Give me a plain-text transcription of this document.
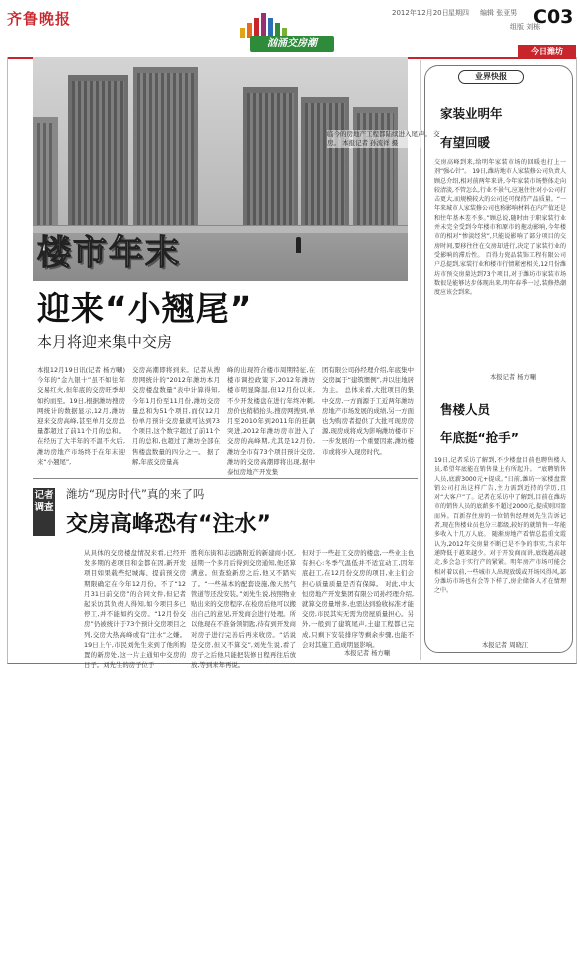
齐鲁晚报	2012年12月20日 星期四 编辑 张亚男
组版 刘栋
C03
汹涌交房潮
今日潍坊
临今的房地产工程都陆续进入尾声。 交房。 本报记者 孙流祥 摄
楼市年末
迎来“小翘尾”
本月将迎来集中交房
本报12月19日讯(记者 杨方唰)今年的“金九银十”虽不如往年交易红火,但年底的交房旺季却如约而至。19日,根据潍坊搜房网统计的数据显示,12月,潍坊迎来交房高峰,甚至单月交房总量都超过了前11个月的总和。 在经历了大半年的不温不火后,潍坊房地产市场终于在年末迎来“小翘尾”,
交房高潮即将到来。记者从搜房网统计的“2012年潍坊本月交房楼盘数量”表中计算得知,今年1月份至11月份,潍坊交房量总和为51个项目,而仅12月份单月预计交房量就可达到73个项目,这个数字超过了前11个月的总和,也超过了潍坊全部在售楼盘数量的四分之一。 据了解,年底交房量高
峰的出现符合楼市周期特征,在楼市调控政策下,2012年潍坊楼市明显降温,但12月份以来,不少开发楼盘在进行年终冲刺,房价也稍稍抬头,搜房网搜到,单月至2010年到2011年的狂飙突进,2012年潍坊房市进入了交房的高峰期,尤其是12月份,潍坊全市有73个项目预计交房,潍坊的交房高潮即将出现,据中泰恒房地产开发集
团有限公司孙经理介绍,年底集中交房属于“建筑惯例”,并以往地居为主。 总体来看,大批项目的集中交房,一方面源于工近两年潍坊房地产市场发展的成绩,另一方面也为购房者提供了大批可现房房源,现房成将成为影响潍坊楼市下一步发展的一个重要因素,潍坊楼市或将步入现房时代。
记者调查
潍坊“现房时代”真的来了吗
交房高峰恐有“注水”
从具体的交房楼盘情况来看,已经开发多期的老项目和金都在因,新开发项目如果载些纪城海、提前预交房期限确定在今年12月份。不了“12月31日前交房”的合同文件,但记者起采访其负责人得知,如今项目多已停工,并不能如约交房。“12月份交房”仍被统计于73个预计交房项目之列,交房大热高峰或有“注水”之嫌。 19日上午,市民刘先生来到了他所购置的新房处,这一片主通知中交房的日子。刘先生的房子位于
胜利东街和志远路附近的新建商小区,延期一个多月后得到交房通知,他还算满意。但查验新房之后,他又不踏实了。“一些基本的配套设施,像天然气管道等还没安装。”刘先生说,按照物业贴出来的交房程序,在检房后他可以搬出自己的意见,开发商会进行处理。所以他现在不准备领钥匙,待有到开发商对房子进行完善后再来收房。“话说是交房,但又不算交”,刘先生说,看了房子之后他只能把装修日程再往后放放,等到来年再说。
但对于一些赶工交房的楼盘,一些业主也有担心:冬季气温低并不适宜动工,因年底赶工,在12月份交房的项目,业主们会担心质量质量是否有保障。 对此,中太恒房地产开发集团有限公司孙经理介绍,就算交房量增多,也需达到验收标准才能交房,市民其实无需为房屋质量担心。另外,一般到了建筑尾声,土建工程都已完成,只剩下安装排序等剩余步骤,也能不会对其施工造成明显影响。
本报记者 杨方唰
业界快报
家装业明年
有望回暖
交房高峰到来,给明年家装市场的回暖也打上一剂“强心针”。 19日,潍坊地市人家装修公司负责人顾总介绍,相对前两年来讲,今年家装市场整体走向较清淡,不管怎么,行业不景气,应退住往对小公司打击更大,而规模较大的公司还可保持产品质量。“一年来城市人家装修公司也称影响材料在内产值还是和往年基本差不多。”顾总说,随时由于职家装行业并未完全受到今年楼市和原市的拖动影响,今年楼市的相对“惨淡经营”,只能说影响了部分项目的交房时间,要移往往在交房却进行,决定了家装行业的受影响的滞后性。 百得力瓷品装饰工程有限公司户总提到,家装行业和楼市行情紧密相关,12月份潍坊市预交房量达到73个项目,对于潍坊市家装市场数很是能够达步体现出来,明年春季一过,装修热潮度应该会到来。
本报记者 杨方唰
售楼人员
年底挺“抢手”
19日,记者采访了解到,不少楼盘目前也聘售楼人员,希望年底能在销售量上有所起升。 “底聘销售人员,底薪3000元+提成。”日前,潍坊一家楼盘置销公司打出这样广告,主力需到近持的学历,且对“大客户”了。记者在采访中了解到,目前在潍坊市的销售人员的底薪多不超过2000元,提成则因盈而异。百新存住房的一位销售经理刘先生告诉记者,现在售楼业员也分三都级,较好的就销售一年能多收入十几万人底。 随渐房地产看情总监重文霞认为,2012年交房量不断已是不争的事实,当求年递降低于越来越少。对于开发商而讲,底线越高越走,多会急于实行产的紧紧。明年房产市场可能会相对着以前,一些城市人出现放缓或开场风得风,部分潍坊市场也有会等下样了,房企储备人才在情理之中。
本报记者 周晓江
